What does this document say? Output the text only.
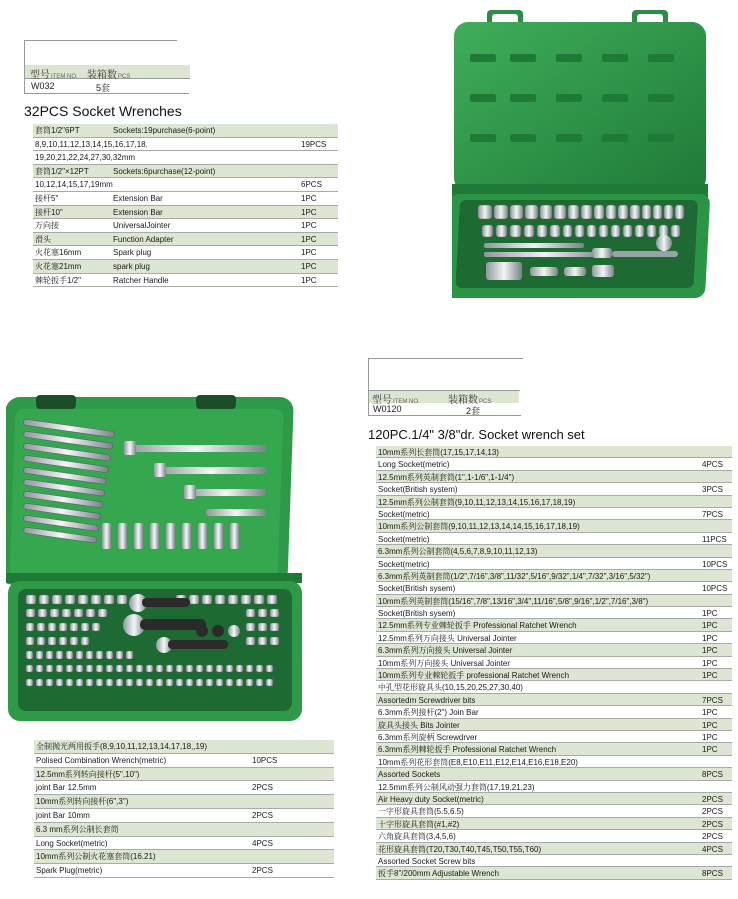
型号ITEM NO. 装箱数PCS
W032	5套
32PCS Socket Wrenches
套筒1/2"6PT	Sockets:19purchase(6-point)
8,9,10,11,12,13,14,15,16,17,18.	19PCS
19,20,21,22,24,27,30,32mm
套筒1/2"×12PT	Sockets:6purchase(12-point)
10,12,14,15,17,19mm	6PCS
接杆5"	Extension Bar	1PC
接杆10"	Extension Bar	1PC
万向接	UniversalJointer	1PC
滑头	Function Adapter	1PC
火花塞16mm	Spark plug	1PC
火花塞21mm	spark plug	1PC
棘轮扳手1/2"	Ratcher Handle	1PC
型号ITEM NO.	装箱数PCS
W0120	2套
120PC.1/4" 3/8"dr. Socket wrench set
10mm系列长套筒(17,15,17,14,13)
Long Socket(metric)	4PCS
12.5mm系列英制套筒(1",1-1/6",1-1/4")
Socket(British system)	3PCS
12.5mm系列公制套筒(9,10,11,12,13,14,15,16,17,18,19)
Socket(metric)	7PCS
10mm系列公制套筒(9,10,11,12,13,14,14,15,16,17,18,19)
Socket(metric)	11PCS
6.3mm系列公制套筒(4,5,6,7,8,9,10,11,12,13)
Socket(metric)	10PCS
6.3mm系列英制套筒(1/2",7/16",3/8",11/32",5/16",9/32",1/4",7/32",3/16",5/32")
Socket(British sysem)	10PCS
10mm系列英制套筒(15/16",7/8",13/16",3/4",11/16",5/8",9/16",1/2",7/16",3/8")
Socket(British sysem)	1PC
12.5mm系列专业棘轮扳手 Professional Ratchet Wrench	1PC
12.5mm系列万向接头 Universal Jointer	1PC
6.3mm系列万向接头 Universal Jointer	1PC
10mm系列万向接头 Universal Jointer	1PC
10mm系列专业棘轮扳手 professional Ratchet Wrench	1PC
中孔型花形旋具头(10,15,20,25,27,30,40)
Assortedm Screwdriver bits	7PCS
6.3mm系列接杆(2") Join Bar	1PC
旋具头接头 Bits Jointer	1PC
6.3mm系列旋柄 Screwdrver	1PC
6.3mm系列棘轮扳手 Professional Ratchet Wrench	1PC
10mm系列花形套筒(E8,E10,E11,E12,E14,E16,E18,E20)
Assorted Sockets	8PCS
12.5mm系列公制风动强力套筒(17,19,21,23)
Air Heavy duty Socket(metric)	2PCS
一字形旋具套筒(5.5,6.5)	2PCS
十字形旋具套筒(#1,#2)	2PCS
六角旋具套筒(3,4,5,6)	2PCS
花形旋具套筒(T20,T30,T40,T45,T50,T55,T60)	4PCS
Assorted Socket Screw bits
扳手8"/200mm Adjustable Wrench	8PCS
全制抛光两用扳手(8,9,10,11,12,13,14,17,18,,19)
Polised Combination Wrench(metric)	10PCS
12.5mm系列转向接杆(5",10")
joint Bar 12.5mm	2PCS
10mm系列转向接杆(6",3")
joint Bar 10mm	2PCS
6.3 mm系列公制长套筒
Long Socket(metric)	4PCS
10mm系列公制火花塞套筒(16.21)
Spark Plug(metric)	2PCS
